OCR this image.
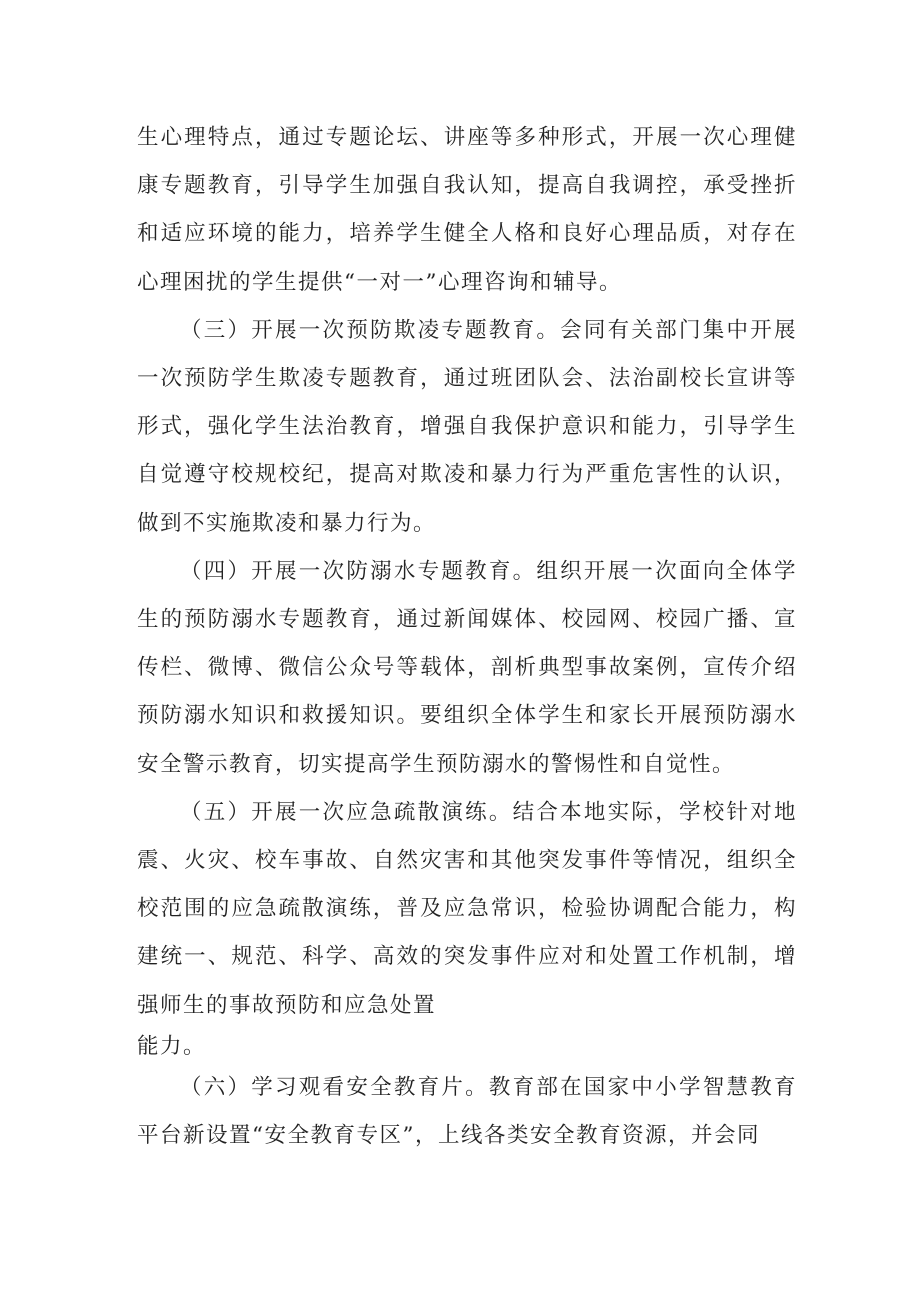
生心理特点，通过专题论坛、讲座等多种形式，开展一次心理健康专题教育，引导学生加强自我认知，提高自我调控，承受挫折和适应环境的能力，培养学生健全人格和良好心理品质，对存在心理困扰的学生提供“一对一”心理咨询和辅导。

（三）开展一次预防欺凌专题教育。会同有关部门集中开展一次预防学生欺凌专题教育，通过班团队会、法治副校长宣讲等形式，强化学生法治教育，增强自我保护意识和能力，引导学生自觉遵守校规校纪，提高对欺凌和暴力行为严重危害性的认识，做到不实施欺凌和暴力行为。

（四）开展一次防溺水专题教育。组织开展一次面向全体学生的预防溺水专题教育，通过新闻媒体、校园网、校园广播、宣传栏、微博、微信公众号等载体，剖析典型事故案例，宣传介绍预防溺水知识和救援知识。要组织全体学生和家长开展预防溺水安全警示教育，切实提高学生预防溺水的警惕性和自觉性。

（五）开展一次应急疏散演练。结合本地实际，学校针对地震、火灾、校车事故、自然灾害和其他突发事件等情况，组织全校范围的应急疏散演练，普及应急常识，检验协调配合能力，构建统一、规范、科学、高效的突发事件应对和处置工作机制，增强师生的事故预防和应急处置

能力。

（六）学习观看安全教育片。教育部在国家中小学智慧教育平台新设置“安全教育专区”，上线各类安全教育资源，并会同
